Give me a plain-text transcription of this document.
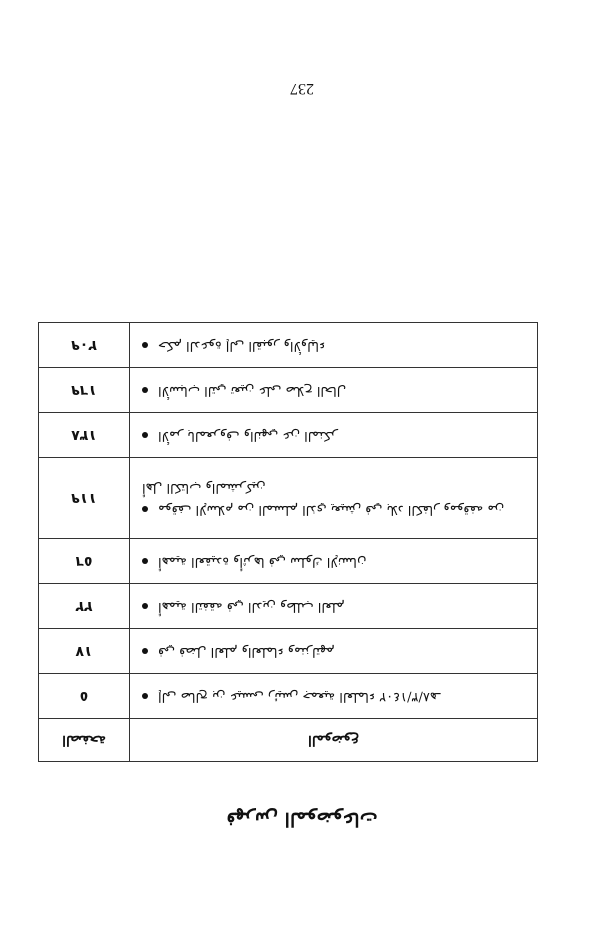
فهرس الموضوعات
الصفحة	الموضوع
٥	إلى صالح بن عيسى رئيس جمعية العلماء ٨/٣/١٤٠٢هـ
١٧	في فضل العلم والعلماء ومنزلتهم
٢٢	أهمية التفقه في الدين وطلب العلم
٥٦	أهمية العقيدة وأثرها في سلوك الإنسان
١١٩	موقف الإسلام من المسلم الذي يعيش في بلاد الكفار وموقفه من أهل الكتاب والمشركين
١٣٨	الأمر بالمعروف والنهي عن المنكر
١٦٩	الأسباب التي تعين على صلاح الحال
٢٠٩	حكم الدعوة إلى القبور والأولياء
237
